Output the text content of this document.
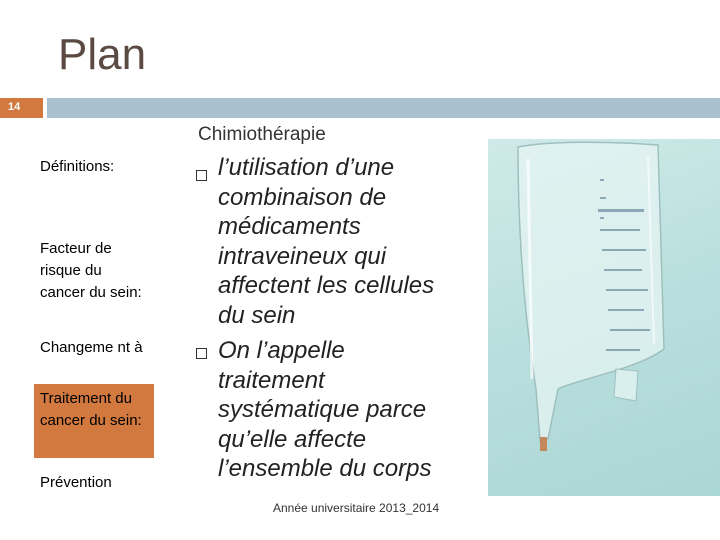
Plan
14
Chimiothérapie
Définitions:
Facteur de risque du cancer du sein:
Changeme nt à
Traitement du cancer du sein:
Prévention
l’utilisation d’une
combinaison de
médicaments
intraveineux qui
affectent les cellules
du sein
On l’appelle
traitement
systématique parce
qu’elle affecte
l’ensemble du corps
Année universitaire 2013_2014
